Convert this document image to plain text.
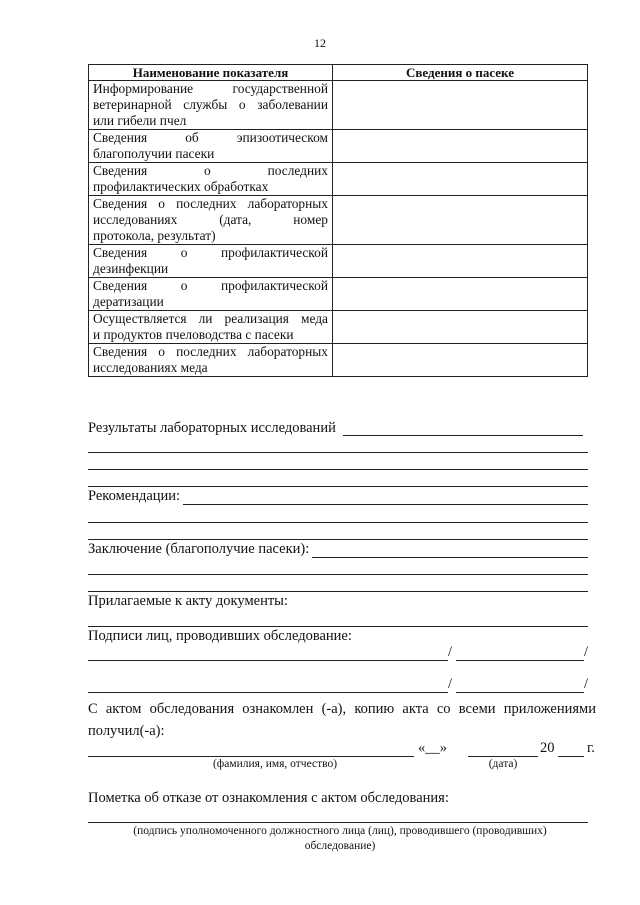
12
Наименование показателя	Сведения о пасеке

Информирование государственной
ветеринарной службы о заболевании
или гибели пчел	

Сведения об эпизоотическом
благополучии пасеки	

Сведения о последних
профилактических обработках	

Сведения о последних лабораторных
исследованиях (дата, номер
протокола, результат)	

Сведения о профилактической
дезинфекции	

Сведения о профилактической
дератизации	

Осуществляется ли реализация меда
и продуктов пчеловодства с пасеки	

Сведения о последних лабораторных
исследованиях меда	

Результаты лабораторных исследований
Рекомендации:
Заключение (благополучие пасеки):
Прилагаемые к акту документы:
Подписи лиц, проводивших обследование:
/	/
/	/
С актом обследования ознакомлен (-а), копию акта со всеми приложениями получил(-а):
«__»	20 г.
(фамилия, имя, отчество)	(дата)
Пометка об отказе от ознакомления с актом обследования:
(подпись уполномоченного должностного лица (лиц), проводившего (проводивших) обследование)
